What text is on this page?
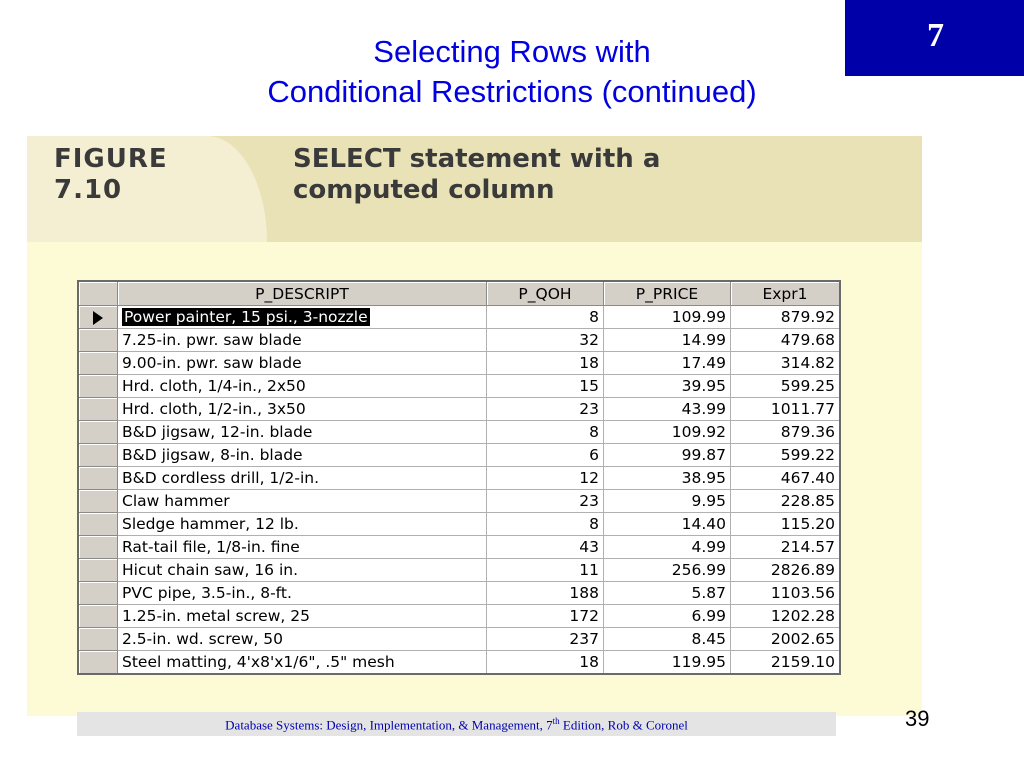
7
Selecting Rows with
Conditional Restrictions (continued)
FIGURE
7.10
SELECT statement with a
computed column
	P_DESCRIPT	P_QOH	P_PRICE	Expr1
	Power painter, 15 psi., 3-nozzle	8	109.99	879.92
	7.25-in. pwr. saw blade	32	14.99	479.68
	9.00-in. pwr. saw blade	18	17.49	314.82
	Hrd. cloth, 1/4-in., 2x50	15	39.95	599.25
	Hrd. cloth, 1/2-in., 3x50	23	43.99	1011.77
	B&D jigsaw, 12-in. blade	8	109.92	879.36
	B&D jigsaw, 8-in. blade	6	99.87	599.22
	B&D cordless drill, 1/2-in.	12	38.95	467.40
	Claw hammer	23	9.95	228.85
	Sledge hammer, 12 lb.	8	14.40	115.20
	Rat-tail file, 1/8-in. fine	43	4.99	214.57
	Hicut chain saw, 16 in.	11	256.99	2826.89
	PVC pipe, 3.5-in., 8-ft.	188	5.87	1103.56
	1.25-in. metal screw, 25	172	6.99	1202.28
	2.5-in. wd. screw, 50	237	8.45	2002.65
	Steel matting, 4'x8'x1/6", .5" mesh	18	119.95	2159.10
Database Systems: Design, Implementation, & Management, 7th Edition, Rob & Coronel	39
